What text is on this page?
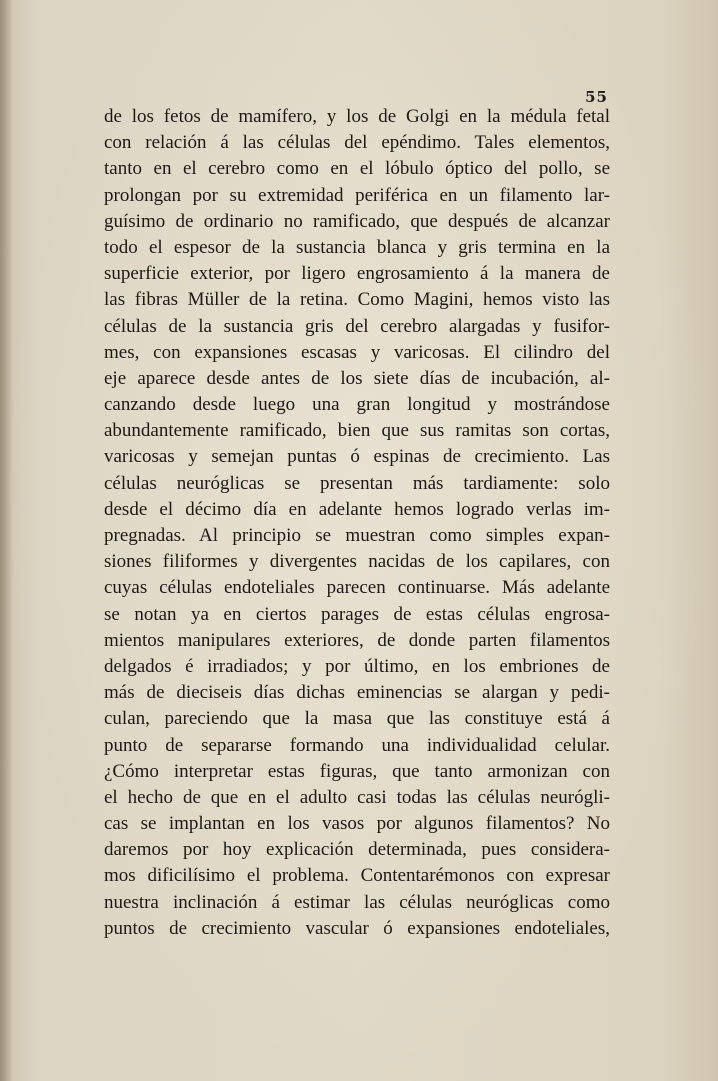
55
de los fetos de mamífero, y los de Golgi en la médula fetal
con relación á las células del epéndimo. Tales elementos,
tanto en el cerebro como en el lóbulo óptico del pollo, se
prolongan por su extremidad periférica en un filamento lar-
guísimo de ordinario no ramificado, que después de alcanzar
todo el espesor de la sustancia blanca y gris termina en la
superficie exterior, por ligero engrosamiento á la manera de
las fibras Müller de la retina. Como Magini, hemos visto las
células de la sustancia gris del cerebro alargadas y fusifor-
mes, con expansiones escasas y varicosas. El cilindro del
eje aparece desde antes de los siete días de incubación, al-
canzando desde luego una gran longitud y mostrándose
abundantemente ramificado, bien que sus ramitas son cortas,
varicosas y semejan puntas ó espinas de crecimiento. Las
células neuróglicas se presentan más tardiamente: solo
desde el décimo día en adelante hemos logrado verlas im-
pregnadas. Al principio se muestran como simples expan-
siones filiformes y divergentes nacidas de los capilares, con
cuyas células endoteliales parecen continuarse. Más adelante
se notan ya en ciertos parages de estas células engrosa-
mientos manipulares exteriores, de donde parten filamentos
delgados é irradiados; y por último, en los embriones de
más de dieciseis días dichas eminencias se alargan y pedi-
culan, pareciendo que la masa que las constituye está á
punto de separarse formando una individualidad celular.
¿Cómo interpretar estas figuras, que tanto armonizan con
el hecho de que en el adulto casi todas las células neurógli-
cas se implantan en los vasos por algunos filamentos? No
daremos por hoy explicación determinada, pues considera-
mos dificilísimo el problema. Contentarémonos con expresar
nuestra inclinación á estimar las células neuróglicas como
puntos de crecimiento vascular ó expansiones endoteliales,
